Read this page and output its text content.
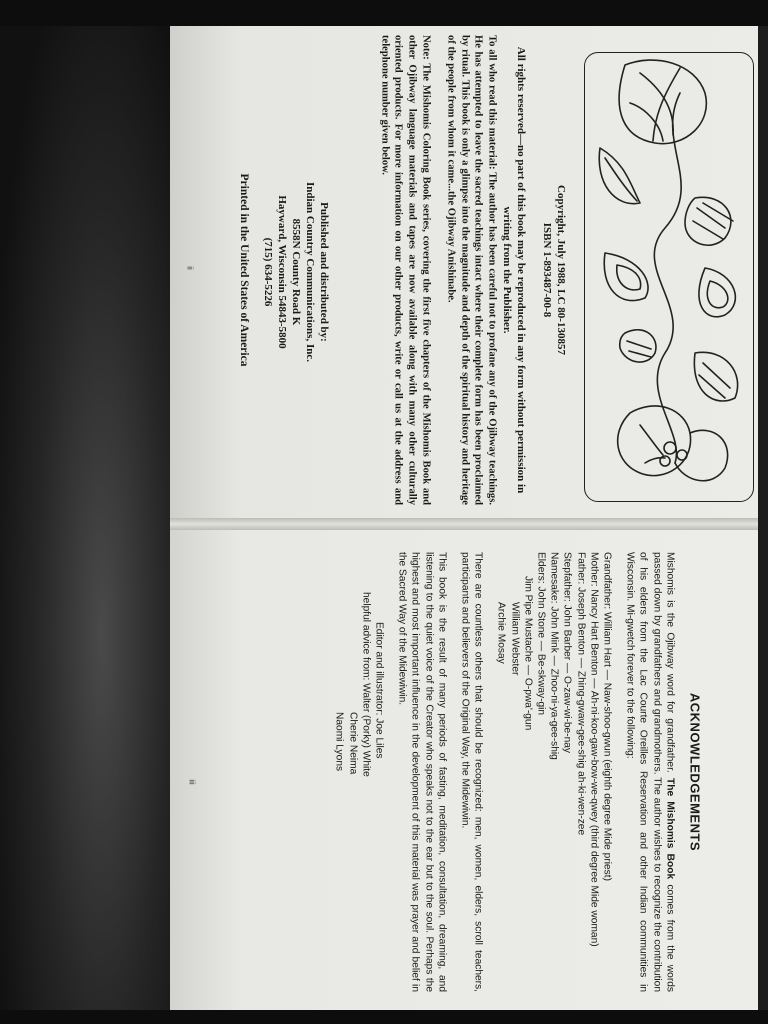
Copyright, July 1988, LC 80-130857
ISBN 1-893487-00-8

All rights reserved—no part of this book may be reproduced in any form without permission in writing from the Publisher.

To all who read this material: The author has been careful not to profane any of the Ojibway teachings. He has attempted to leave the sacred teachings intact where their complete form has been proclaimed by ritual. This book is only a glimpse into the magnitude and depth of the spiritual history and heritage of the people from whom it came...the Ojibway Anishinabe.

Note: The Mishomis Coloring Book series, covering the first five chapters of the Mishomis Book and other Ojibway language materials and tapes are now available along with many other culturally oriented products. For more information on our other products, write or call us at the address and telephone number given below.

Published and distributed by:
Indian Country Communications, Inc.
8558N County Road K
Hayward, Wisconsin 54843-5800
(715) 634-5226
Printed in the United States of America
ii
iii	ACKNOWLEDGEMENTS

Mishomis is the Ojibway word for grandfather. The Mishomis Book comes from the words passed down by grandfathers and grandmothers. The author wishes to recognize the contribution of his elders from the Lac Courte Oreilles Reservation and other Indian communities in Wisconsin. Mi-gwetch forever to the following:

Grandfather: William Hart — Naw-shoo-gwun (eighth degree Mide priest)
Mother: Nancy Hart Benton — Ah-ni-koo-gaw-bow-we-qwey (third degree Mide woman)
Father: Joseph Benton — Zhing-gwaw-gee-shig ah-ki-wen-zee
Stepfather: John Barber — O-zaw-wi-be-nay
Namesake: John Mink — Zhoo-ni-ya-gee-shig
Elders: John Stone — Be-skway-gin
Jim Pipe Mustache — O-pwa'-gun
William Webster
Archie Mosay

There are countless others that should be recognized: men, women, elders, scroll teachers, participants and believers of the Original Way, the Midewiwin.

This book is the result of many periods of fasting, meditation, consultation, dreaming, and listening to the quiet voice of the Creator who speaks not to the ear but to the soul. Perhaps the highest and most important influence in the development of this material was prayer and belief in the Sacred Way of the Midewiwin.

Editor and illustrator: Joe Liles
helpful advice from: Walter (Porky) White
Cherie Neima
Naomi Lyons
